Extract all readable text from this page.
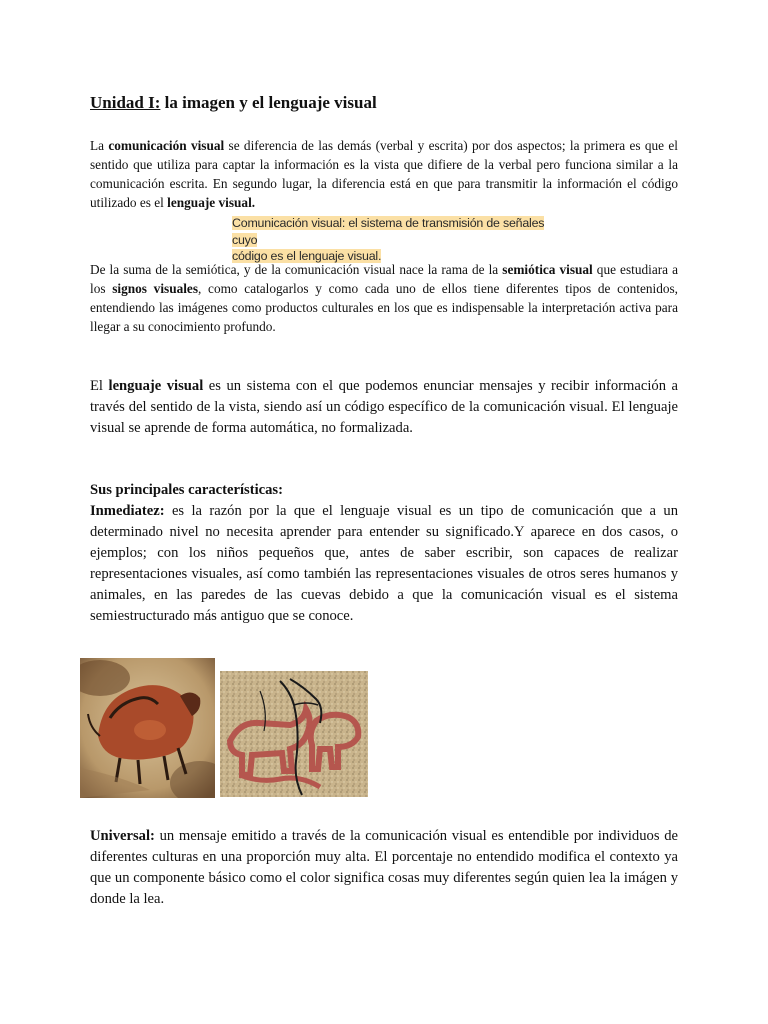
Unidad I: la imagen y el lenguaje visual

La comunicación visual se diferencia de las demás (verbal y escrita) por dos aspectos; la primera es que el sentido que utiliza para captar la información es la vista que difiere de la verbal pero funciona similar a la comunicación escrita. En segundo lugar, la diferencia está en que para transmitir la información el código utilizado es el lenguaje visual.

Comunicación visual: el sistema de transmisión de señales cuyo
código es el lenguaje visual.

De la suma de la semiótica, y de la comunicación visual nace la rama de la semiótica visual que estudiara a los signos visuales, como catalogarlos y como cada uno de ellos tiene diferentes tipos de contenidos, entendiendo las imágenes como productos culturales en los que es indispensable la interpretación activa para llegar a su conocimiento profundo.

El lenguaje visual es un sistema con el que podemos enunciar mensajes y recibir información a través del sentido de la vista, siendo así un código específico de la comunicación visual. El lenguaje visual se aprende de forma automática, no formalizada.

Sus principales características:

Inmediatez: es la razón por la que el lenguaje visual es un tipo de comunicación que a un determinado nivel no necesita aprender para entender su significado.Y aparece en dos casos, o ejemplos; con los niños pequeños que, antes de saber escribir, son capaces de realizar representaciones visuales, así como también las representaciones visuales de otros seres humanos y animales, en las paredes de las cuevas debido a que la comunicación visual es el sistema semiestructurado más antiguo que se conoce.

Universal: un mensaje emitido a través de la comunicación visual es entendible por individuos de diferentes culturas en una proporción muy alta. El porcentaje no entendido modifica el contexto ya que un componente básico como el color significa cosas muy diferentes según quien lea la imágen y donde la lea.
